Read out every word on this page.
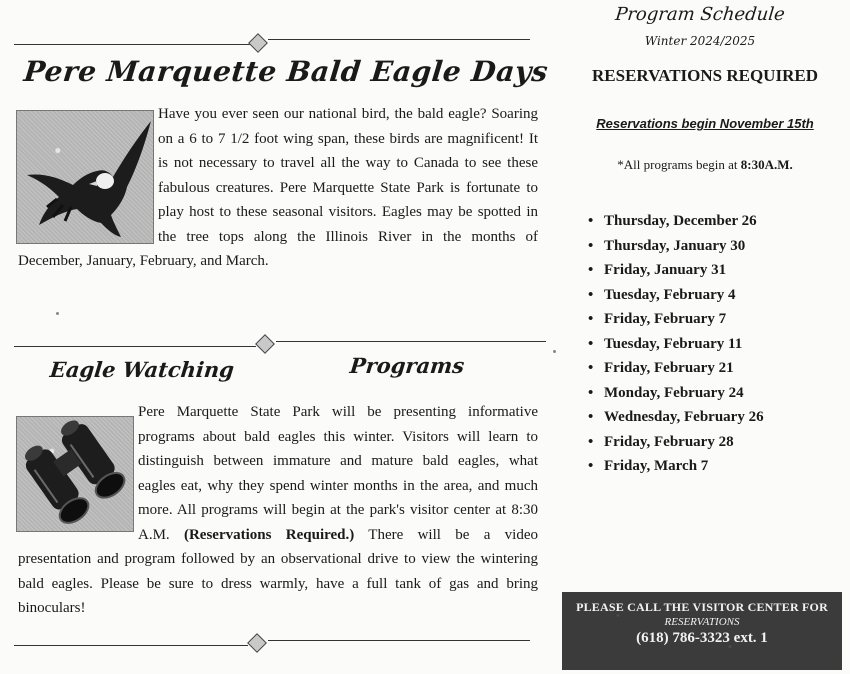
Pere Marquette Bald Eagle Days
Have you ever seen our national bird, the bald eagle? Soaring on a 6 to 7 1/2 foot wing span, these birds are magnificent! It is not necessary to travel all the way to Canada to see these fabulous creatures. Pere Marquette State Park is fortunate to play host to these seasonal visitors. Eagles may be spotted in the tree tops along the Illinois River in the months of December, January, February, and March.
Eagle Watching	Programs
Pere Marquette State Park will be presenting informative programs about bald eagles this winter. Visitors will learn to distinguish between immature and mature bald eagles, what eagles eat, why they spend winter months in the area, and much more. All programs will begin at the park's visitor center at 8:30 A.M. (Reservations Required.) There will be a video presentation and program followed by an observational drive to view the wintering bald eagles. Please be sure to dress warmly, have a full tank of gas and bring binoculars!
Program Schedule
Winter 2024/2025
RESERVATIONS REQUIRED
Reservations begin November 15th
*All programs begin at 8:30A.M.
• Thursday, December 26
• Thursday, January 30
• Friday, January 31
• Tuesday, February 4
• Friday, February 7
• Tuesday, February 11
• Friday, February 21
• Monday, February 24
• Wednesday, February 26
• Friday, February 28
• Friday, March 7
PLEASE CALL THE VISITOR CENTER FOR
RESERVATIONS
(618) 786-3323 ext. 1
